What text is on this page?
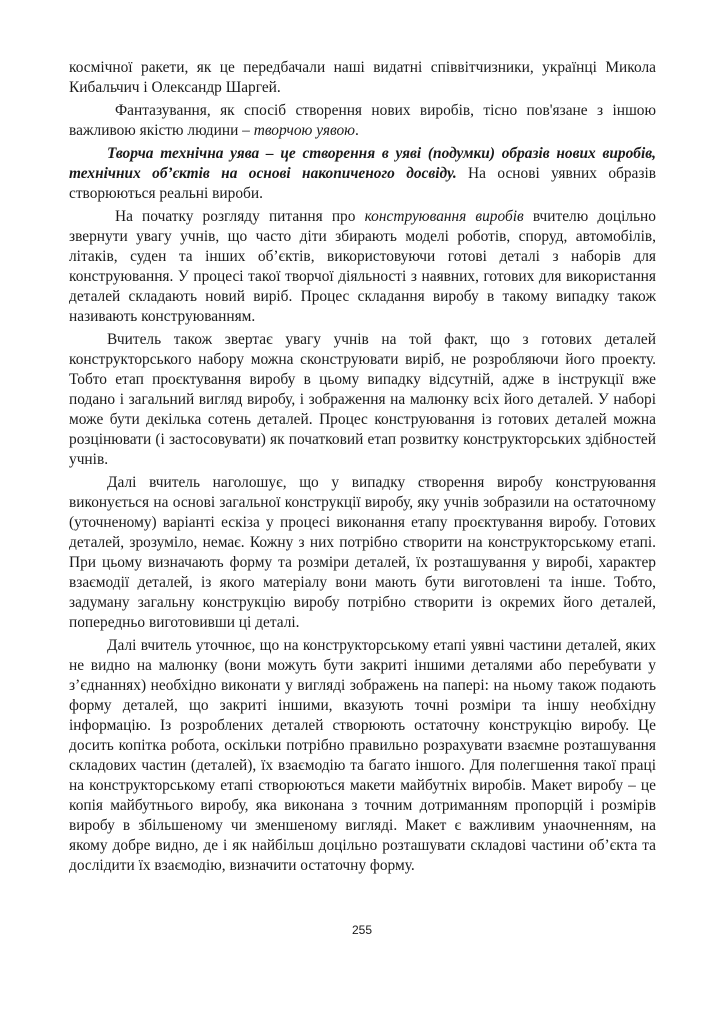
космічної ракети, як це передбачали наші видатні співвітчизники, українці Микола Кибальчич і Олександр Шаргей.

Фантазування, як спосіб створення нових виробів, тісно пов'язане з іншою важливою якістю людини – творчою уявою.

Творча технічна уява – це створення в уяві (подумки) образів нових виробів, технічних об’єктів на основі накопиченого досвіду. На основі уявних образів створюються реальні вироби.

На початку розгляду питання про конструювання виробів вчителю доцільно звернути увагу учнів, що часто діти збирають моделі роботів, споруд, автомобілів, літаків, суден та інших об’єктів, використовуючи готові деталі з наборів для конструювання. У процесі такої творчої діяльності з наявних, готових для використання деталей складають новий виріб. Процес складання виробу в такому випадку також називають конструюванням.

Вчитель також звертає увагу учнів на той факт, що з готових деталей конструкторського набору можна сконструювати виріб, не розробляючи його проекту. Тобто етап проєктування виробу в цьому випадку відсутній, адже в інструкції вже подано і загальний вигляд виробу, і зображення на малюнку всіх його деталей. У наборі може бути декілька сотень деталей. Процес конструювання із готових деталей можна розцінювати (і застосовувати) як початковий етап розвитку конструкторських здібностей учнів.

Далі вчитель наголошує, що у випадку створення виробу конструювання виконується на основі загальної конструкції виробу, яку учнів зобразили на остаточному (уточненому) варіанті ескіза у процесі виконання етапу проєктування виробу. Готових деталей, зрозуміло, немає. Кожну з них потрібно створити на конструкторському етапі. При цьому визначають форму та розміри деталей, їх розташування у виробі, характер взаємодії деталей, із якого матеріалу вони мають бути виготовлені та інше. Тобто, задуману загальну конструкцію виробу потрібно створити із окремих його деталей, попередньо виготовивши ці деталі.

Далі вчитель уточнює, що на конструкторському етапі уявні частини деталей, яких не видно на малюнку (вони можуть бути закриті іншими деталями або перебувати у з’єднаннях) необхідно виконати у вигляді зображень на папері: на ньому також подають форму деталей, що закриті іншими, вказують точні розміри та іншу необхідну інформацію. Із розроблених деталей створюють остаточну конструкцію виробу. Це досить копітка робота, оскільки потрібно правильно розрахувати взаємне розташування складових частин (деталей), їх взаємодію та багато іншого. Для полегшення такої праці на конструкторському етапі створюються макети майбутніх виробів. Макет виробу – це копія майбутнього виробу, яка виконана з точним дотриманням пропорцій і розмірів виробу в збільшеному чи зменшеному вигляді. Макет є важливим унаочненням, на якому добре видно, де і як найбільш доцільно розташувати складові частини об’єкта та дослідити їх взаємодію, визначити остаточну форму.

255
